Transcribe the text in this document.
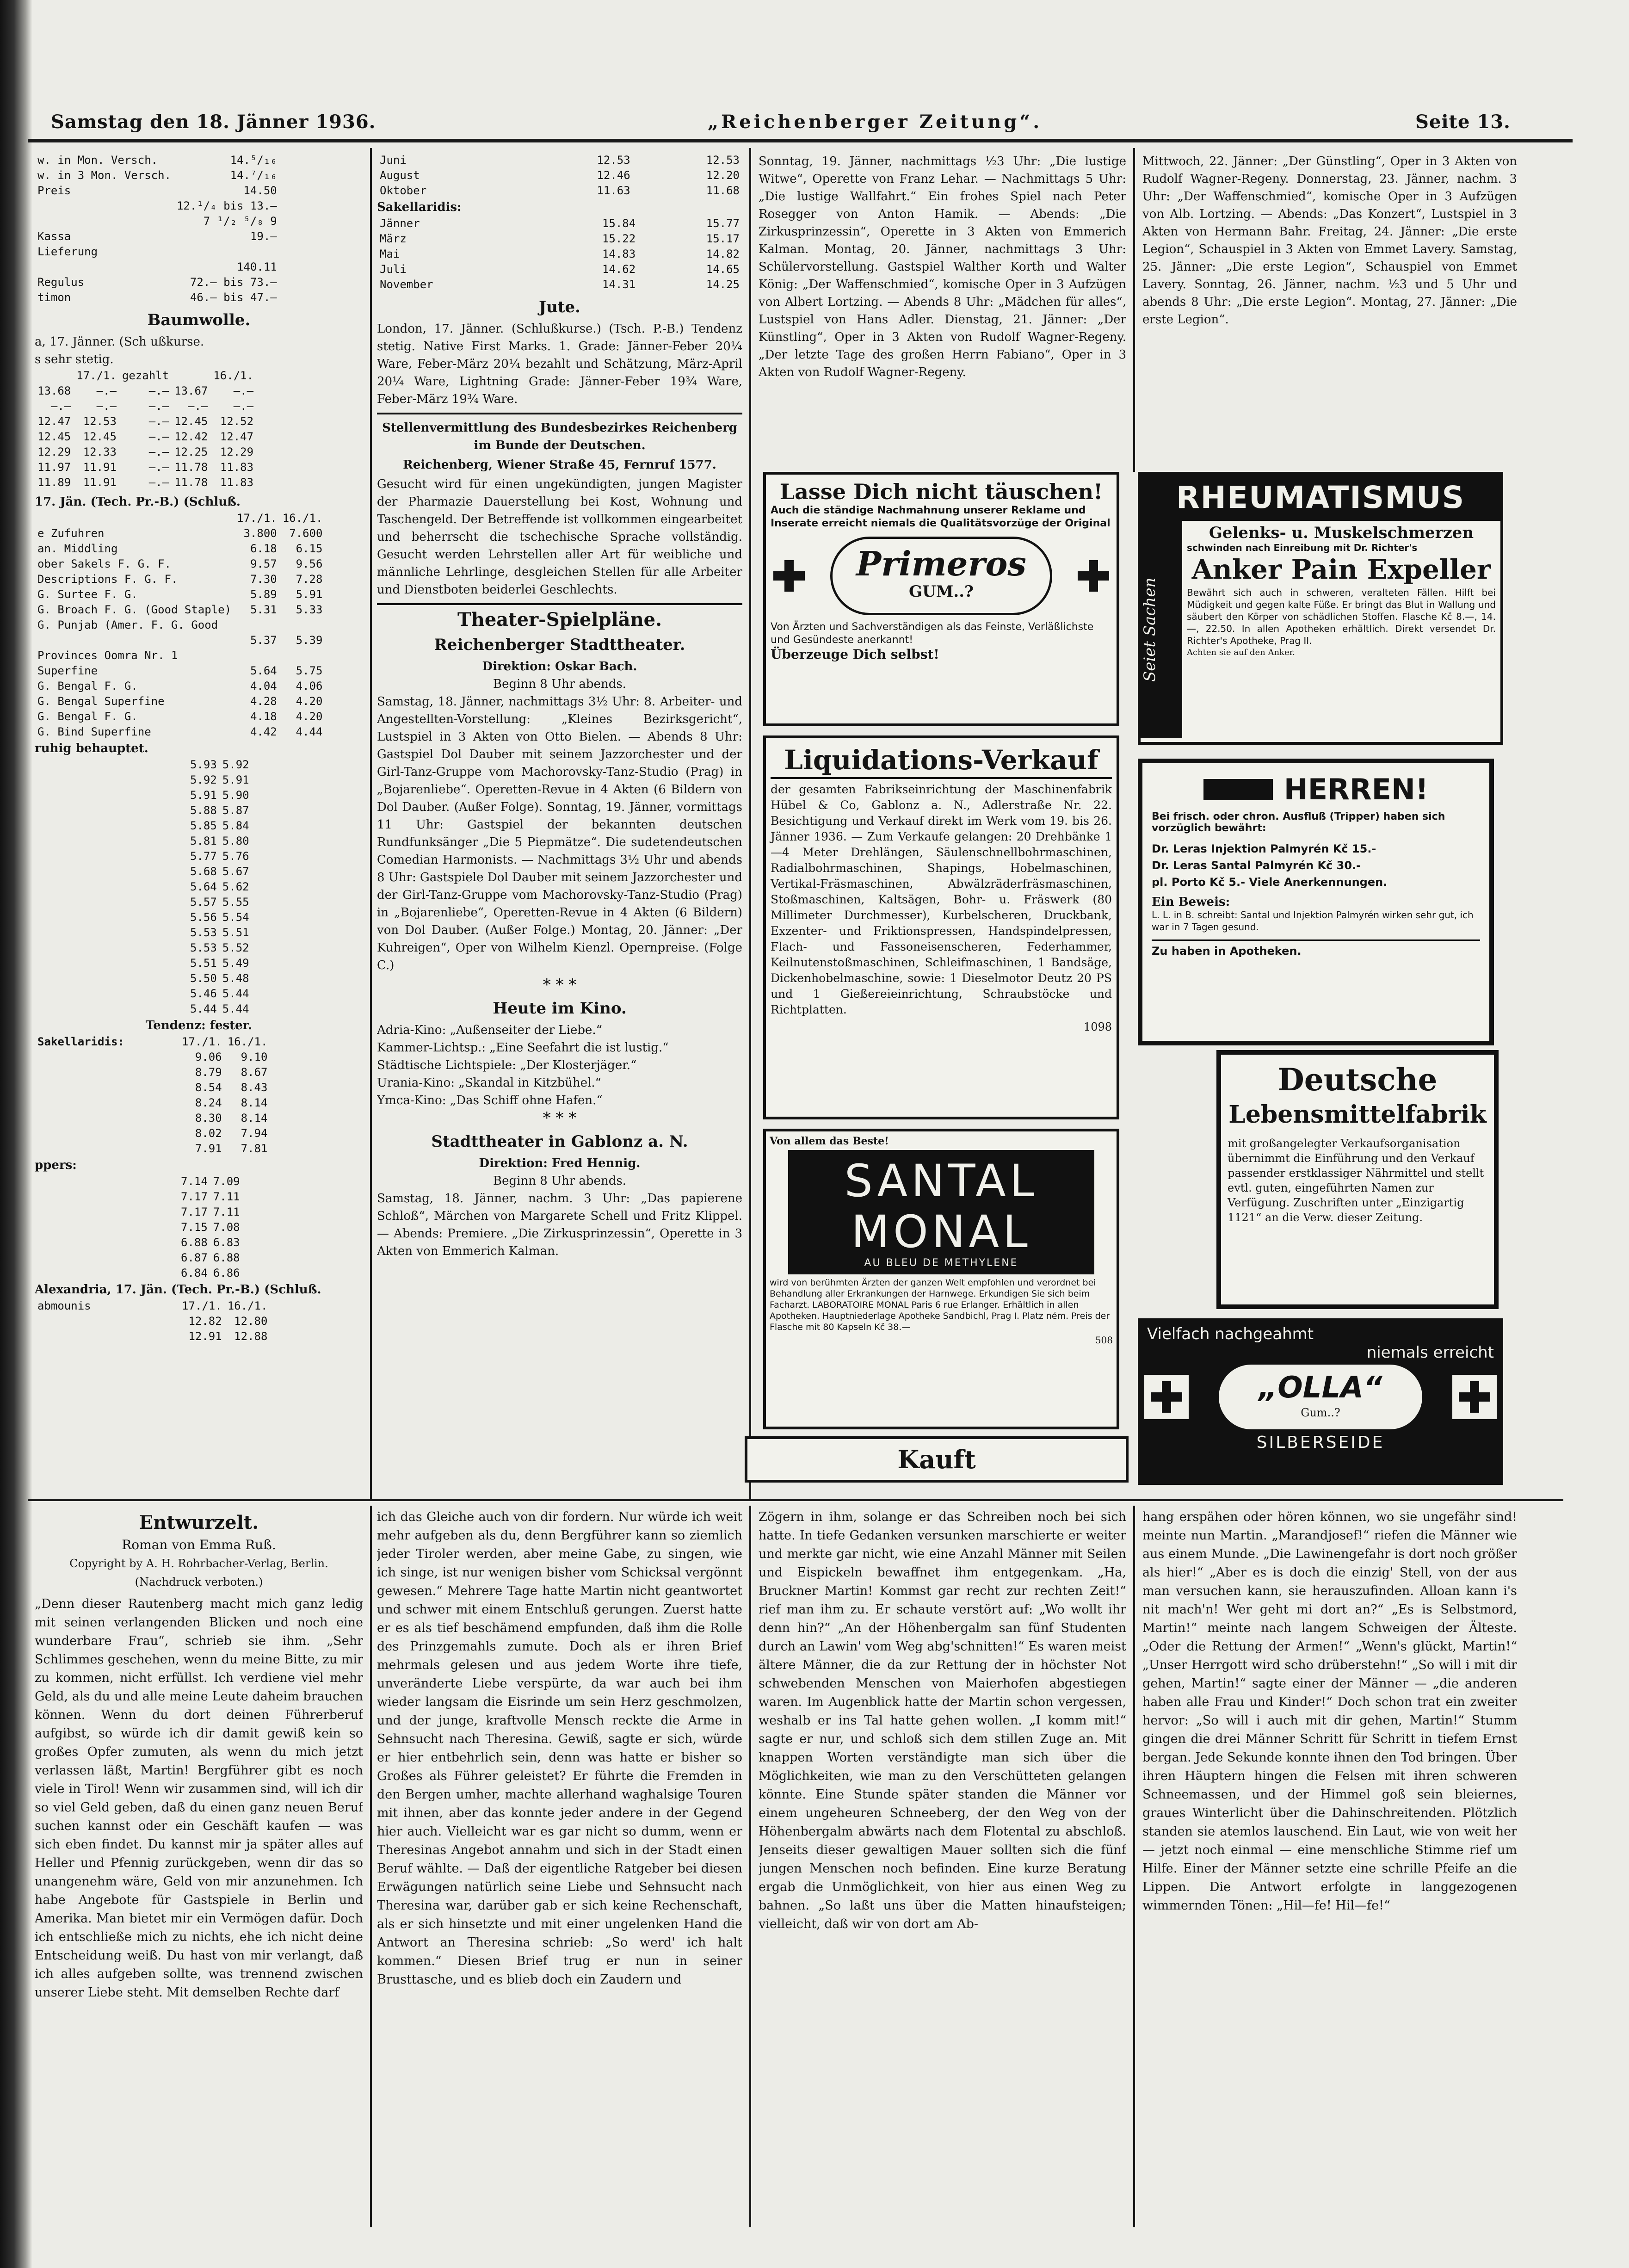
Samstag den 18. Jänner 1936.	„Reichenberger Zeitung“.	Seite 13.
w. in Mon. Versch.	14.⁵/₁₆		
w. in 3 Mon. Versch.	14.⁷/₁₆		
Preis	14.50		
	12.¹/₄ bis 13.—		
	7 ¹/₂ ⁵/₈ 9		
Kassa	19.—		
Lieferung			
	140.11		
Regulus	72.— bis 73.—		
timon	46.— bis 47.—		
Baumwolle.
a, 17. Jänner. (Sch ußkurse.
s sehr stetig.
	17./1.	gezahlt		16./1.
13.68	—.—	—.—	13.67	—.—
—.—	—.—	—.—	—.—	—.—
12.47	12.53	—.—	12.45	12.52
12.45	12.45	—.—	12.42	12.47
12.29	12.33	—.—	12.25	12.29
11.97	11.91	—.—	11.78	11.83
11.89	11.91	—.—	11.78	11.83
17. Jän. (Tech. Pr.-B.) (Schluß.
	17./1.	16./1.
e Zufuhren	3.800	7.600
an. Middling	6.18	6.15
ober Sakels F. G. F.	9.57	9.56
Descriptions F. G. F.	7.30	7.28
G. Surtee F. G.	5.89	5.91
G. Broach F. G. (Good Staple)	5.31	5.33
G. Punjab (Amer. F. G. Good		
	5.37	5.39
Provinces Oomra Nr. 1		
Superfine	5.64	5.75
G. Bengal F. G.	4.04	4.06
G. Bengal Superfine	4.28	4.20
G. Bengal F. G.	4.18	4.20
G. Bind Superfine	4.42	4.44
ruhig behauptet.
5.93	5.92
5.92	5.91
5.91	5.90
5.88	5.87
5.85	5.84
5.81	5.80
5.77	5.76
5.68	5.67
5.64	5.62
5.57	5.55
5.56	5.54
5.53	5.51
5.53	5.52
5.51	5.49
5.50	5.48
5.46	5.44
5.44	5.44
Tendenz: fester.
Sakellaridis:	17./1.	16./1.
	9.06	9.10
	8.79	8.67
	8.54	8.43
	8.24	8.14
	8.30	8.14
	8.02	7.94
	7.91	7.81
ppers:
7.14	7.09
7.17	7.11
7.17	7.11
7.15	7.08
6.88	6.83
6.87	6.88
6.84	6.86
Alexandria, 17. Jän. (Tech. Pr.-B.) (Schluß.
abmounis	17./1.	16./1.
	12.82	12.80
	12.91	12.88
Juni	12.53	12.53
August	12.46	12.20
Oktober	11.63	11.68
Sakellaridis:
Jänner	15.84	15.77
März	15.22	15.17
Mai	14.83	14.82
Juli	14.62	14.65
November	14.31	14.25
Jute.

London, 17. Jänner. (Schlußkurse.) (Tsch. P.-B.) Tendenz stetig. Native First Marks. 1. Grade: Jänner-Feber 20¼ Ware, Feber-März 20¼ bezahlt und Schätzung, März-April 20¼ Ware, Lightning Grade: Jänner-Feber 19¾ Ware, Feber-März 19¾ Ware.

Stellenvermittlung des Bundesbezirkes Reichenberg im Bunde der Deutschen.

Reichenberg, Wiener Straße 45, Fernruf 1577.

Gesucht wird für einen ungekündigten, jungen Magister der Pharmazie Dauerstellung bei Kost, Wohnung und Taschengeld. Der Betreffende ist vollkommen eingearbeitet und beherrscht die tschechische Sprache vollständig. Gesucht werden Lehrstellen aller Art für weibliche und männliche Lehrlinge, desgleichen Stellen für alle Arbeiter und Dienstboten beiderlei Geschlechts.

Theater-Spielpläne.
Reichenberger Stadttheater.
Direktion: Oskar Bach.
Beginn 8 Uhr abends.

Samstag, 18. Jänner, nachmittags 3½ Uhr: 8. Arbeiter- und Angestellten-Vorstellung: „Kleines Bezirksgericht“, Lustspiel in 3 Akten von Otto Bielen. — Abends 8 Uhr: Gastspiel Dol Dauber mit seinem Jazzorchester und der Girl-Tanz-Gruppe vom Machorovsky-Tanz-Studio (Prag) in „Bojarenliebe“. Operetten-Revue in 4 Akten (6 Bildern von Dol Dauber. (Außer Folge). Sonntag, 19. Jänner, vormittags 11 Uhr: Gastspiel der bekannten deutschen Rundfunksänger „Die 5 Piepmätze“. Die sudetendeutschen Comedian Harmonists. — Nachmittags 3½ Uhr und abends 8 Uhr: Gastspiele Dol Dauber mit seinem Jazzorchester und der Girl-Tanz-Gruppe vom Machorovsky-Tanz-Studio (Prag) in „Bojarenliebe“, Operetten-Revue in 4 Akten (6 Bildern) von Dol Dauber. (Außer Folge.) Montag, 20. Jänner: „Der Kuhreigen“, Oper von Wilhelm Kienzl. Opernpreise. (Folge C.)

* * *
Heute im Kino.
Adria-Kino: „Außenseiter der Liebe.“
Kammer-Lichtsp.: „Eine Seefahrt die ist lustig.“
Städtische Lichtspiele: „Der Klosterjäger.“
Urania-Kino: „Skandal in Kitzbühel.“
Ymca-Kino: „Das Schiff ohne Hafen.“
* * *
Stadttheater in Gablonz a. N.
Direktion: Fred Hennig.
Beginn 8 Uhr abends.

Samstag, 18. Jänner, nachm. 3 Uhr: „Das papierene Schloß“, Märchen von Margarete Schell und Fritz Klippel. — Abends: Premiere. „Die Zirkusprinzessin“, Operette in 3 Akten von Emmerich Kalman.

Sonntag, 19. Jänner, nachmittags ½3 Uhr: „Die lustige Witwe“, Operette von Franz Lehar. — Nachmittags 5 Uhr: „Die lustige Wallfahrt.“ Ein frohes Spiel nach Peter Rosegger von Anton Hamik. — Abends: „Die Zirkusprinzessin“, Operette in 3 Akten von Emmerich Kalman. Montag, 20. Jänner, nachmittags 3 Uhr: Schülervorstellung. Gastspiel Walther Korth und Walter König: „Der Waffenschmied“, komische Oper in 3 Aufzügen von Albert Lortzing. — Abends 8 Uhr: „Mädchen für alles“, Lustspiel von Hans Adler. Dienstag, 21. Jänner: „Der Künstling“, Oper in 3 Akten von Rudolf Wagner-Regeny. „Der letzte Tage des großen Herrn Fabiano“, Oper in 3 Akten von Rudolf Wagner-Regeny.

Mittwoch, 22. Jänner: „Der Günstling“, Oper in 3 Akten von Rudolf Wagner-Regeny. Donnerstag, 23. Jänner, nachm. 3 Uhr: „Der Waffenschmied“, komische Oper in 3 Aufzügen von Alb. Lortzing. — Abends: „Das Konzert“, Lustspiel in 3 Akten von Hermann Bahr. Freitag, 24. Jänner: „Die erste Legion“, Schauspiel in 3 Akten von Emmet Lavery. Samstag, 25. Jänner: „Die erste Legion“, Schauspiel von Emmet Lavery. Sonntag, 26. Jänner, nachm. ½3 und 5 Uhr und abends 8 Uhr: „Die erste Legion“. Montag, 27. Jänner: „Die erste Legion“.

Lasse Dich nicht täuschen!
Auch die ständige Nachmahnung unserer Reklame und Inserate erreicht niemals die Qualitätsvorzüge der Original
Primeros
GUM..?
Von Ärzten und Sachverständigen als das Feinste, Verläßlichste und Gesündeste anerkannt!
Überzeuge Dich selbst!
Liquidations-Verkauf

der gesamten Fabrikseinrichtung der Maschinenfabrik Hübel & Co, Gablonz a. N., Adlerstraße Nr. 22. Besichtigung und Verkauf direkt im Werk vom 19. bis 26. Jänner 1936. — Zum Verkaufe gelangen: 20 Drehbänke 1—4 Meter Drehlängen, Säulenschnellbohrmaschinen, Radialbohrmaschinen, Shapings, Hobelmaschinen, Vertikal-Fräsmaschinen, Abwälzräderfräsmaschinen, Stoßmaschinen, Kaltsägen, Bohr- u. Fräswerk (80 Millimeter Durchmesser), Kurbelscheren, Druckbank, Exzenter- und Friktionspressen, Handspindelpressen, Flach- und Fassoneisenscheren, Federhammer, Keilnutenstoßmaschinen, Schleifmaschinen, 1 Bandsäge, Dickenhobelmaschine, sowie: 1 Dieselmotor Deutz 20 PS und 1 Gießereieinrichtung, Schraubstöcke und Richtplatten.

1098
Von allem das Beste!
SANTAL
MONAL
AU BLEU DE METHYLENE

wird von berühmten Ärzten der ganzen Welt empfohlen und verordnet bei Behandlung aller Erkrankungen der Harnwege. Erkundigen Sie sich beim Facharzt. LABORATOIRE MONAL Paris 6 rue Erlanger. Erhältlich in allen Apotheken. Hauptniederlage Apotheke Sandbichl, Prag I. Platz ném. Preis der Flasche mit 80 Kapseln Kč 38.—

508
Kauft
RHEUMATISMUS
Seiet Sachen
Gelenks- u. Muskelschmerzen
schwinden nach Einreibung mit Dr. Richter's
Anker Pain Expeller

Bewährt sich auch in schweren, veralteten Fällen. Hilft bei Müdigkeit und gegen kalte Füße. Er bringt das Blut in Wallung und säubert den Körper von schädlichen Stoffen. Flasche Kč 8.—, 14.—, 22.50. In allen Apotheken erhältlich. Direkt versendet Dr. Richter's Apotheke, Prag II.

Achten sie auf den Anker.
HERREN!
Bei frisch. oder chron. Ausfluß (Tripper) haben sich vorzüglich bewährt:
Dr. Leras Injektion Palmyrén Kč 15.-
Dr. Leras Santal Palmyrén Kč 30.-
pl. Porto Kč 5.- Viele Anerkennungen.
Ein Beweis:
L. L. in B. schreibt: Santal und Injektion Palmyrén wirken sehr gut, ich war in 7 Tagen gesund.
Zu haben in Apotheken.
Deutsche
Lebensmittelfabrik

mit großangelegter Verkaufsorganisation übernimmt die Einführung und den Verkauf passender erstklassiger Nährmittel und stellt evtl. guten, eingeführten Namen zur Verfügung. Zuschriften unter „Einzigartig 1121“ an die Verw. dieser Zeitung.

Vielfach nachgeahmt
niemals erreicht
„OLLA“
Gum..?
SILBERSEIDE
Entwurzelt.
Roman von Emma Ruß.
Copyright by A. H. Rohrbacher-Verlag, Berlin.
(Nachdruck verboten.)

„Denn dieser Rautenberg macht mich ganz ledig mit seinen verlangenden Blicken und noch eine wunderbare Frau“, schrieb sie ihm. „Sehr Schlimmes geschehen, wenn du meine Bitte, zu mir zu kommen, nicht erfüllst. Ich verdiene viel mehr Geld, als du und alle meine Leute daheim brauchen können. Wenn du dort deinen Führerberuf aufgibst, so würde ich dir damit gewiß kein so großes Opfer zumuten, als wenn du mich jetzt verlassen läßt, Martin! Bergführer gibt es noch viele in Tirol! Wenn wir zusammen sind, will ich dir so viel Geld geben, daß du einen ganz neuen Beruf suchen kannst oder ein Geschäft kaufen — was sich eben findet. Du kannst mir ja später alles auf Heller und Pfennig zurückgeben, wenn dir das so unangenehm wäre, Geld von mir anzunehmen. Ich habe Angebote für Gastspiele in Berlin und Amerika. Man bietet mir ein Vermögen dafür. Doch ich entschließe mich zu nichts, ehe ich nicht deine Entscheidung weiß. Du hast von mir verlangt, daß ich alles aufgeben sollte, was trennend zwischen unserer Liebe steht. Mit demselben Rechte darf

ich das Gleiche auch von dir fordern. Nur würde ich weit mehr aufgeben als du, denn Bergführer kann so ziemlich jeder Tiroler werden, aber meine Gabe, zu singen, wie ich singe, ist nur wenigen bisher vom Schicksal vergönnt gewesen.“ Mehrere Tage hatte Martin nicht geantwortet und schwer mit einem Entschluß gerungen. Zuerst hatte er es als tief beschämend empfunden, daß ihm die Rolle des Prinzgemahls zumute. Doch als er ihren Brief mehrmals gelesen und aus jedem Worte ihre tiefe, unveränderte Liebe verspürte, da war auch bei ihm wieder langsam die Eisrinde um sein Herz geschmolzen, und der junge, kraftvolle Mensch reckte die Arme in Sehnsucht nach Theresina. Gewiß, sagte er sich, würde er hier entbehrlich sein, denn was hatte er bisher so Großes als Führer geleistet? Er führte die Fremden in den Bergen umher, machte allerhand waghalsige Touren mit ihnen, aber das konnte jeder andere in der Gegend hier auch. Vielleicht war es gar nicht so dumm, wenn er Theresinas Angebot annahm und sich in der Stadt einen Beruf wählte. — Daß der eigentliche Ratgeber bei diesen Erwägungen natürlich seine Liebe und Sehnsucht nach Theresina war, darüber gab er sich keine Rechenschaft, als er sich hinsetzte und mit einer ungelenken Hand die Antwort an Theresina schrieb: „So werd' ich halt kommen.“ Diesen Brief trug er nun in seiner Brusttasche, und es blieb doch ein Zaudern und

Zögern in ihm, solange er das Schreiben noch bei sich hatte. In tiefe Gedanken versunken marschierte er weiter und merkte gar nicht, wie eine Anzahl Männer mit Seilen und Eispickeln bewaffnet ihm entgegenkam. „Ha, Bruckner Martin! Kommst gar recht zur rechten Zeit!“ rief man ihm zu. Er schaute verstört auf: „Wo wollt ihr denn hin?“ „An der Höhenbergalm san fünf Studenten durch an Lawin' vom Weg abg'schnitten!“ Es waren meist ältere Männer, die da zur Rettung der in höchster Not schwebenden Menschen von Maierhofen abgestiegen waren. Im Augenblick hatte der Martin schon vergessen, weshalb er ins Tal hatte gehen wollen. „I komm mit!“ sagte er nur, und schloß sich dem stillen Zuge an. Mit knappen Worten verständigte man sich über die Möglichkeiten, wie man zu den Verschütteten gelangen könnte. Eine Stunde später standen die Männer vor einem ungeheuren Schneeberg, der den Weg von der Höhenbergalm abwärts nach dem Flotental zu abschloß. Jenseits dieser gewaltigen Mauer sollten sich die fünf jungen Menschen noch befinden. Eine kurze Beratung ergab die Unmöglichkeit, von hier aus einen Weg zu bahnen. „So laßt uns über die Matten hinaufsteigen; vielleicht, daß wir von dort am Ab-

hang erspähen oder hören können, wo sie ungefähr sind! meinte nun Martin. „Marandjosef!“ riefen die Männer wie aus einem Munde. „Die Lawinengefahr is dort noch größer als hier!“ „Aber es is doch die einzig' Stell, von der aus man versuchen kann, sie herauszufinden. Alloan kann i's nit mach'n! Wer geht mi dort an?“ „Es is Selbstmord, Martin!“ meinte nach langem Schweigen der Älteste. „Oder die Rettung der Armen!“ „Wenn's glückt, Martin!“ „Unser Herrgott wird scho drüberstehn!“ „So will i mit dir gehen, Martin!“ sagte einer der Männer — „die anderen haben alle Frau und Kinder!“ Doch schon trat ein zweiter hervor: „So will i auch mit dir gehen, Martin!“ Stumm gingen die drei Männer Schritt für Schritt in tiefem Ernst bergan. Jede Sekunde konnte ihnen den Tod bringen. Über ihren Häuptern hingen die Felsen mit ihren schweren Schneemassen, und der Himmel goß sein bleiernes, graues Winterlicht über die Dahinschreitenden. Plötzlich standen sie atemlos lauschend. Ein Laut, wie von weit her — jetzt noch einmal — eine menschliche Stimme rief um Hilfe. Einer der Männer setzte eine schrille Pfeife an die Lippen. Die Antwort erfolgte in langgezogenen wimmernden Tönen: „Hil—fe! Hil—fe!“
